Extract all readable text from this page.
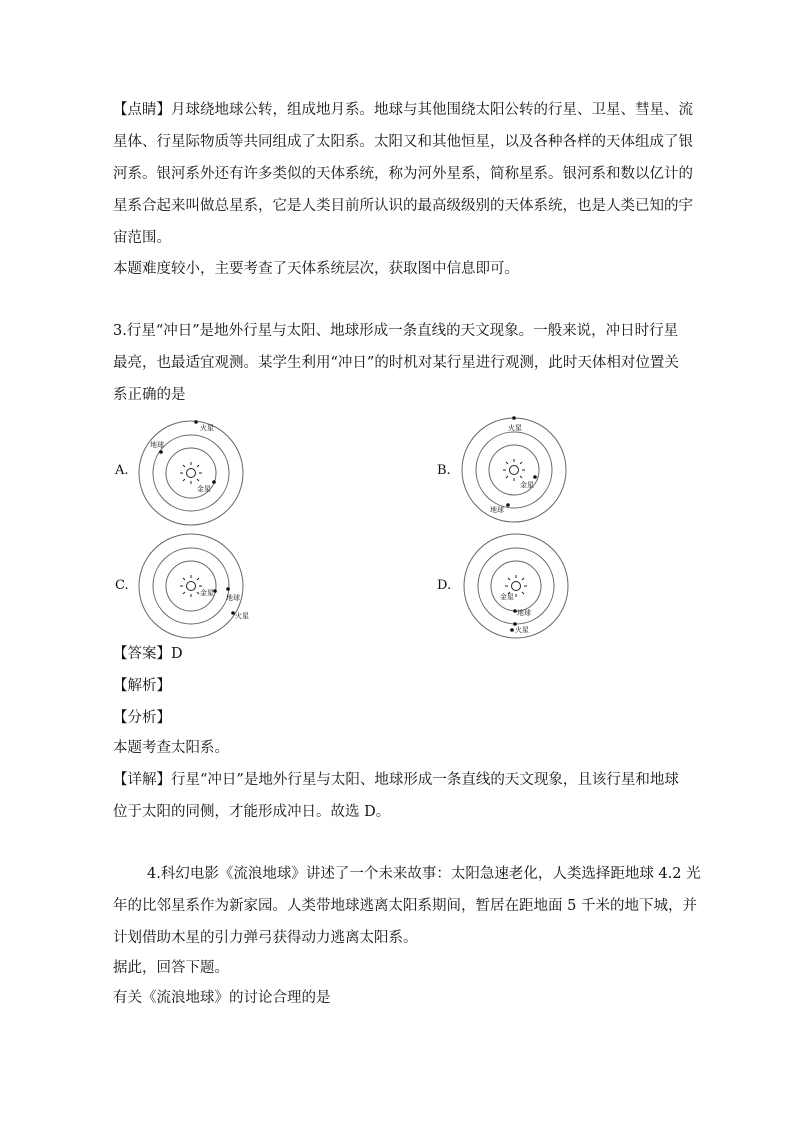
【点睛】月球绕地球公转，组成地月系。地球与其他围绕太阳公转的行星、卫星、彗星、流
星体、行星际物质等共同组成了太阳系。太阳又和其他恒星，以及各种各样的天体组成了银
河系。银河系外还有许多类似的天体系统，称为河外星系，简称星系。银河系和数以亿计的
星系合起来叫做总星系，它是人类目前所认识的最高级级别的天体系统，也是人类已知的宇
宙范围。
本题难度较小，主要考查了天体系统层次，获取图中信息即可。
3.行星“冲日”是地外行星与太阳、地球形成一条直线的天文现象。一般来说，冲日时行星
最亮，也最适宜观测。某学生利用“冲日”的时机对某行星进行观测，此时天体相对位置关
系正确的是
A.
火星
地球
金星
B.
火星
金星
地球
C.	金星
地球
火星
D.
金星
地球
火星
【答案】D
【解析】
【分析】
本题考查太阳系。
【详解】行星“冲日”是地外行星与太阳、地球形成一条直线的天文现象，且该行星和地球
位于太阳的同侧，才能形成冲日。故选 D。
4.科幻电影《流浪地球》讲述了一个未来故事：太阳急速老化，人类选择距地球 4.2 光
年的比邻星系作为新家园。人类带地球逃离太阳系期间，暂居在距地面 5 千米的地下城，并
计划借助木星的引力弹弓获得动力逃离太阳系。
据此，回答下题。
有关《流浪地球》的讨论合理的是
